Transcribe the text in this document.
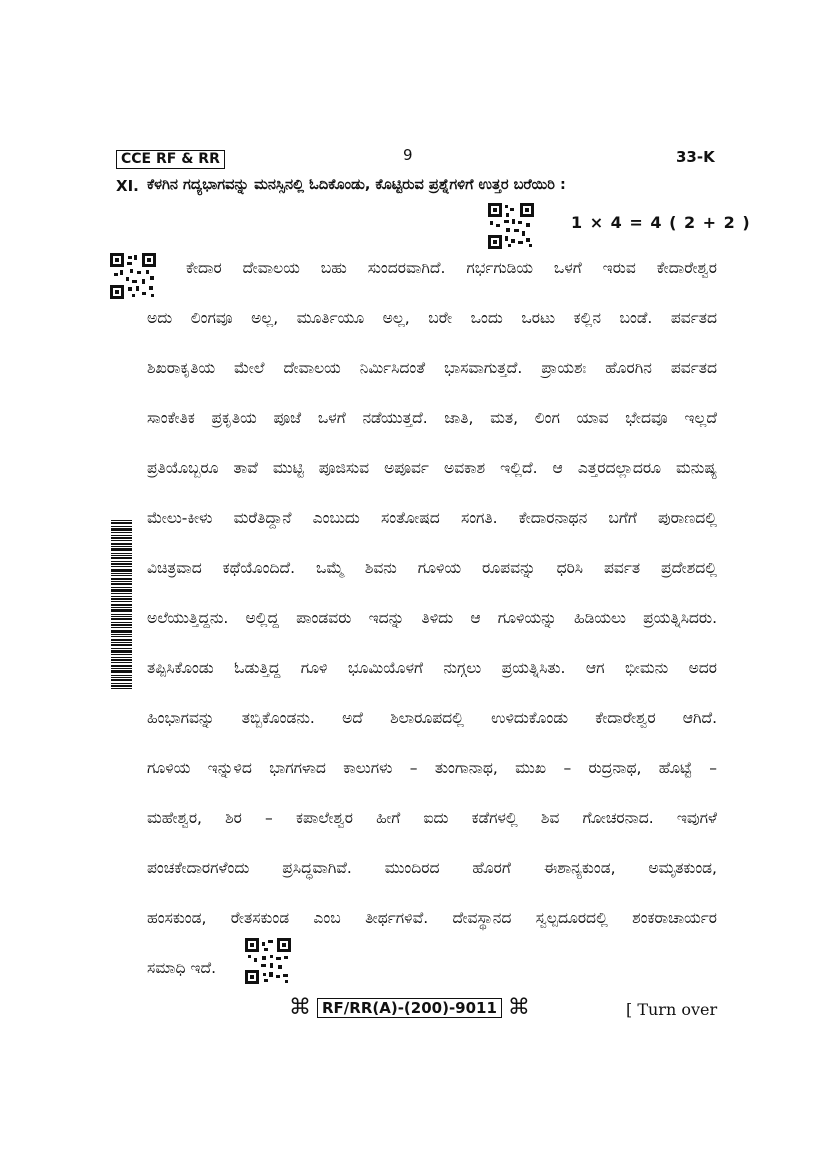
CCE RF & RR	9	33-K
XI. ಕೆಳಗಿನ ಗದ್ಯಭಾಗವನ್ನು ಮನಸ್ಸಿನಲ್ಲಿ ಓದಿಕೊಂಡು, ಕೊಟ್ಟಿರುವ ಪ್ರಶ್ನೆಗಳಿಗೆ ಉತ್ತರ ಬರೆಯಿರಿ :
1 × 4 = 4 ( 2 + 2 )
ಕೇದಾರ ದೇವಾಲಯ ಬಹು ಸುಂದರವಾಗಿದೆ. ಗರ್ಭಗುಡಿಯ ಒಳಗೆ ಇರುವ ಕೇದಾರೇಶ್ವರ
ಅದು ಲಿಂಗವೂ ಅಲ್ಲ, ಮೂರ್ತಿಯೂ ಅಲ್ಲ, ಬರೇ ಒಂದು ಒರಟು ಕಲ್ಲಿನ ಬಂಡೆ. ಪರ್ವತದ
ಶಿಖರಾಕೃತಿಯ ಮೇಲೆ ದೇವಾಲಯ ನಿರ್ಮಿಸಿದಂತೆ ಭಾಸವಾಗುತ್ತದೆ. ಪ್ರಾಯಶಃ ಹೊರಗಿನ ಪರ್ವತದ
ಸಾಂಕೇತಿಕ ಪ್ರಕೃತಿಯ ಪೂಜೆ ಒಳಗೆ ನಡೆಯುತ್ತದೆ. ಜಾತಿ, ಮತ, ಲಿಂಗ ಯಾವ ಭೇದವೂ ಇಲ್ಲದೆ
ಪ್ರತಿಯೊಬ್ಬರೂ ತಾವೆ ಮುಟ್ಟಿ ಪೂಜಿಸುವ ಅಪೂರ್ವ ಅವಕಾಶ ಇಲ್ಲಿದೆ. ಆ ಎತ್ತರದಲ್ಲಾದರೂ ಮನುಷ್ಯ
ಮೇಲು-ಕೀಳು ಮರೆತಿದ್ದಾನೆ ಎಂಬುದು ಸಂತೋಷದ ಸಂಗತಿ. ಕೇದಾರನಾಥನ ಬಗೆಗೆ ಪುರಾಣದಲ್ಲಿ
ವಿಚಿತ್ರವಾದ ಕಥೆಯೊಂದಿದೆ. ಒಮ್ಮೆ ಶಿವನು ಗೂಳಿಯ ರೂಪವನ್ನು ಧರಿಸಿ ಪರ್ವತ ಪ್ರದೇಶದಲ್ಲಿ
ಅಲೆಯುತ್ತಿದ್ದನು. ಅಲ್ಲಿದ್ದ ಪಾಂಡವರು ಇದನ್ನು ತಿಳಿದು ಆ ಗೂಳಿಯನ್ನು ಹಿಡಿಯಲು ಪ್ರಯತ್ನಿಸಿದರು.
ತಪ್ಪಿಸಿಕೊಂಡು ಓಡುತ್ತಿದ್ದ ಗೂಳಿ ಭೂಮಿಯೊಳಗೆ ನುಗ್ಗಲು ಪ್ರಯತ್ನಿಸಿತು. ಆಗ ಭೀಮನು ಅದರ
ಹಿಂಭಾಗವನ್ನು ತಬ್ಬಿಕೊಂಡನು. ಅದೆ ಶಿಲಾರೂಪದಲ್ಲಿ ಉಳಿದುಕೊಂಡು ಕೇದಾರೇಶ್ವರ ಆಗಿದೆ.
ಗೂಳಿಯ ಇನ್ನುಳಿದ ಭಾಗಗಳಾದ ಕಾಲುಗಳು – ತುಂಗಾನಾಥ, ಮುಖ – ರುದ್ರನಾಥ, ಹೊಟ್ಟೆ –
ಮಹೇಶ್ವರ, ಶಿರ – ಕಪಾಲೇಶ್ವರ ಹೀಗೆ ಐದು ಕಡೆಗಳಲ್ಲಿ ಶಿವ ಗೋಚರನಾದ. ಇವುಗಳೆ
ಪಂಚಕೇದಾರಗಳೆಂದು ಪ್ರಸಿದ್ಧವಾಗಿವೆ. ಮುಂದಿರದ ಹೊರಗೆ ಈಶಾನ್ಯಕುಂಡ, ಅಮೃತಕುಂಡ,
ಹಂಸಕುಂಡ, ರೇತಸಕುಂಡ ಎಂಬ ತೀರ್ಥಗಳಿವೆ. ದೇವಸ್ಥಾನದ ಸ್ವಲ್ಪದೂರದಲ್ಲಿ ಶಂಕರಾಚಾರ್ಯರ
ಸಮಾಧಿ ಇದೆ.
⌘ RF/RR(A)-(200)-9011 ⌘	[ Turn over
